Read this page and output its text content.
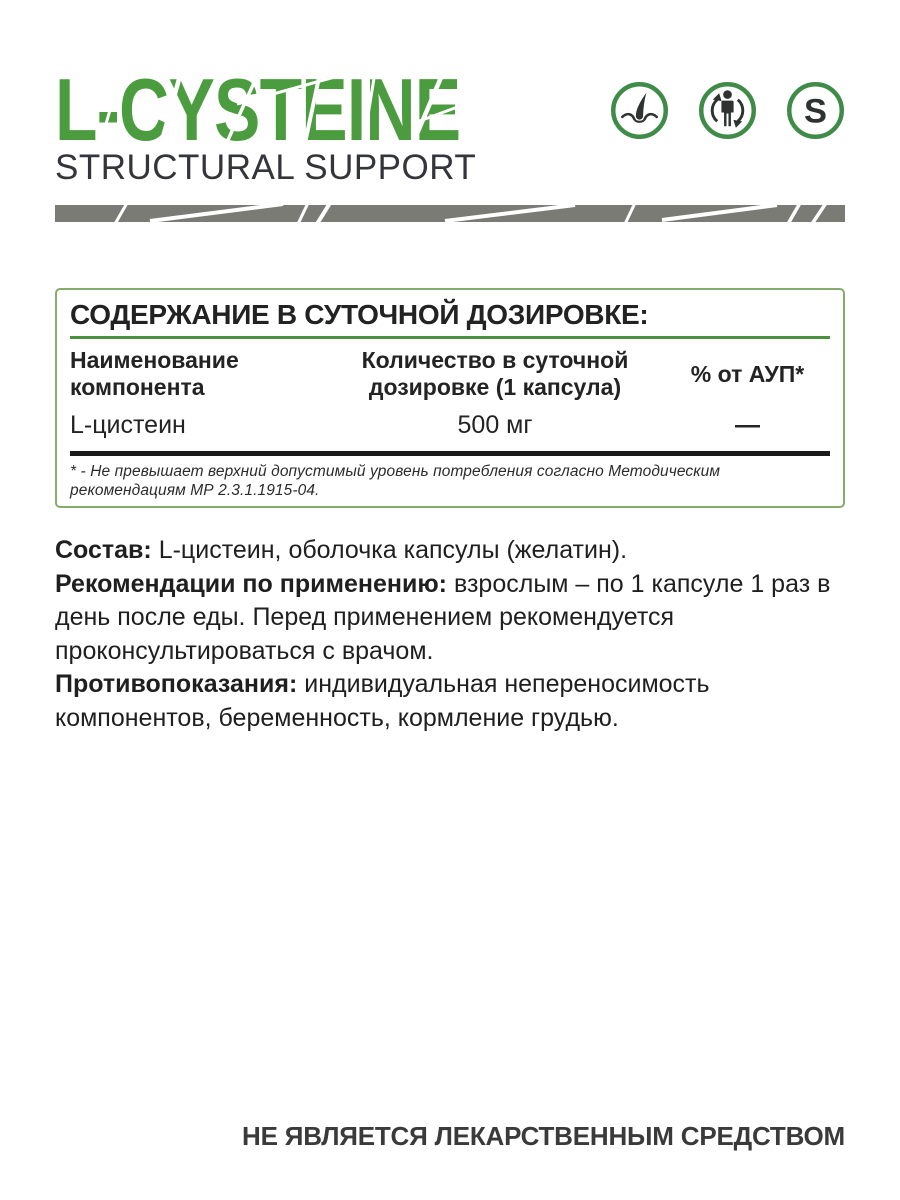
L-CYSTEINE
STRUCTURAL SUPPORT
S
СОДЕРЖАНИЕ В СУТОЧНОЙ ДОЗИРОВКЕ:
Наименование компонента
Количество в суточной дозировке (1 капсула)
% от АУП*
L-цистеин	500 мг	—
* - Не превышает верхний допустимый уровень потребления согласно Методическим рекомендациям МР 2.3.1.1915-04.

Состав: L-цистеин, оболочка капсулы (желатин).

Рекомендации по применению: взрослым – по 1 капсуле 1 раз в день после еды. Перед применением рекомендуется проконсультироваться с врачом.

Противопоказания: индивидуальная непереносимость компонентов, беременность, кормление грудью.

НЕ ЯВЛЯЕТСЯ ЛЕКАРСТВЕННЫМ СРЕДСТВОМ
